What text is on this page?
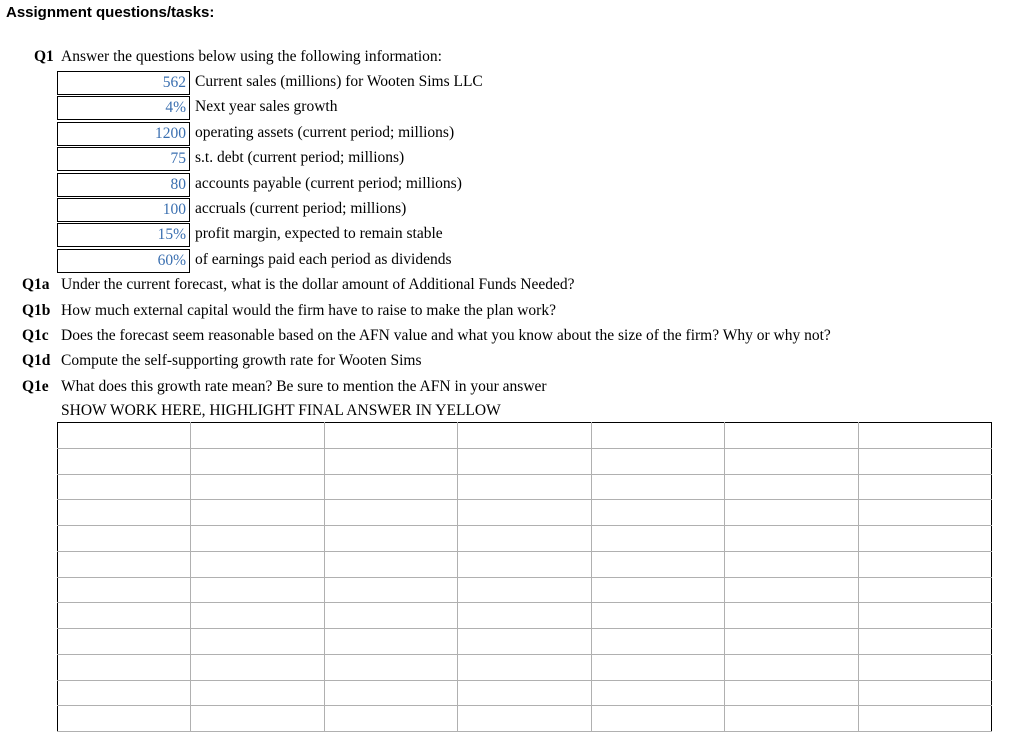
Assignment questions/tasks:
Q1 Answer the questions below using the following information:
562 Current sales (millions) for Wooten Sims LLC
4% Next year sales growth
1200 operating assets (current period; millions)
75 s.t. debt (current period; millions)
80 accounts payable (current period; millions)
100 accruals (current period; millions)
15% profit margin, expected to remain stable
60% of earnings paid each period as dividends
Q1a Under the current forecast, what is the dollar amount of Additional Funds Needed?
Q1b How much external capital would the firm have to raise to make the plan work?
Q1c Does the forecast seem reasonable based on the AFN value and what you know about the size of the firm? Why or why not?
Q1d Compute the self-supporting growth rate for Wooten Sims
Q1e What does this growth rate mean? Be sure to mention the AFN in your answer
SHOW WORK HERE, HIGHLIGHT FINAL ANSWER IN YELLOW
